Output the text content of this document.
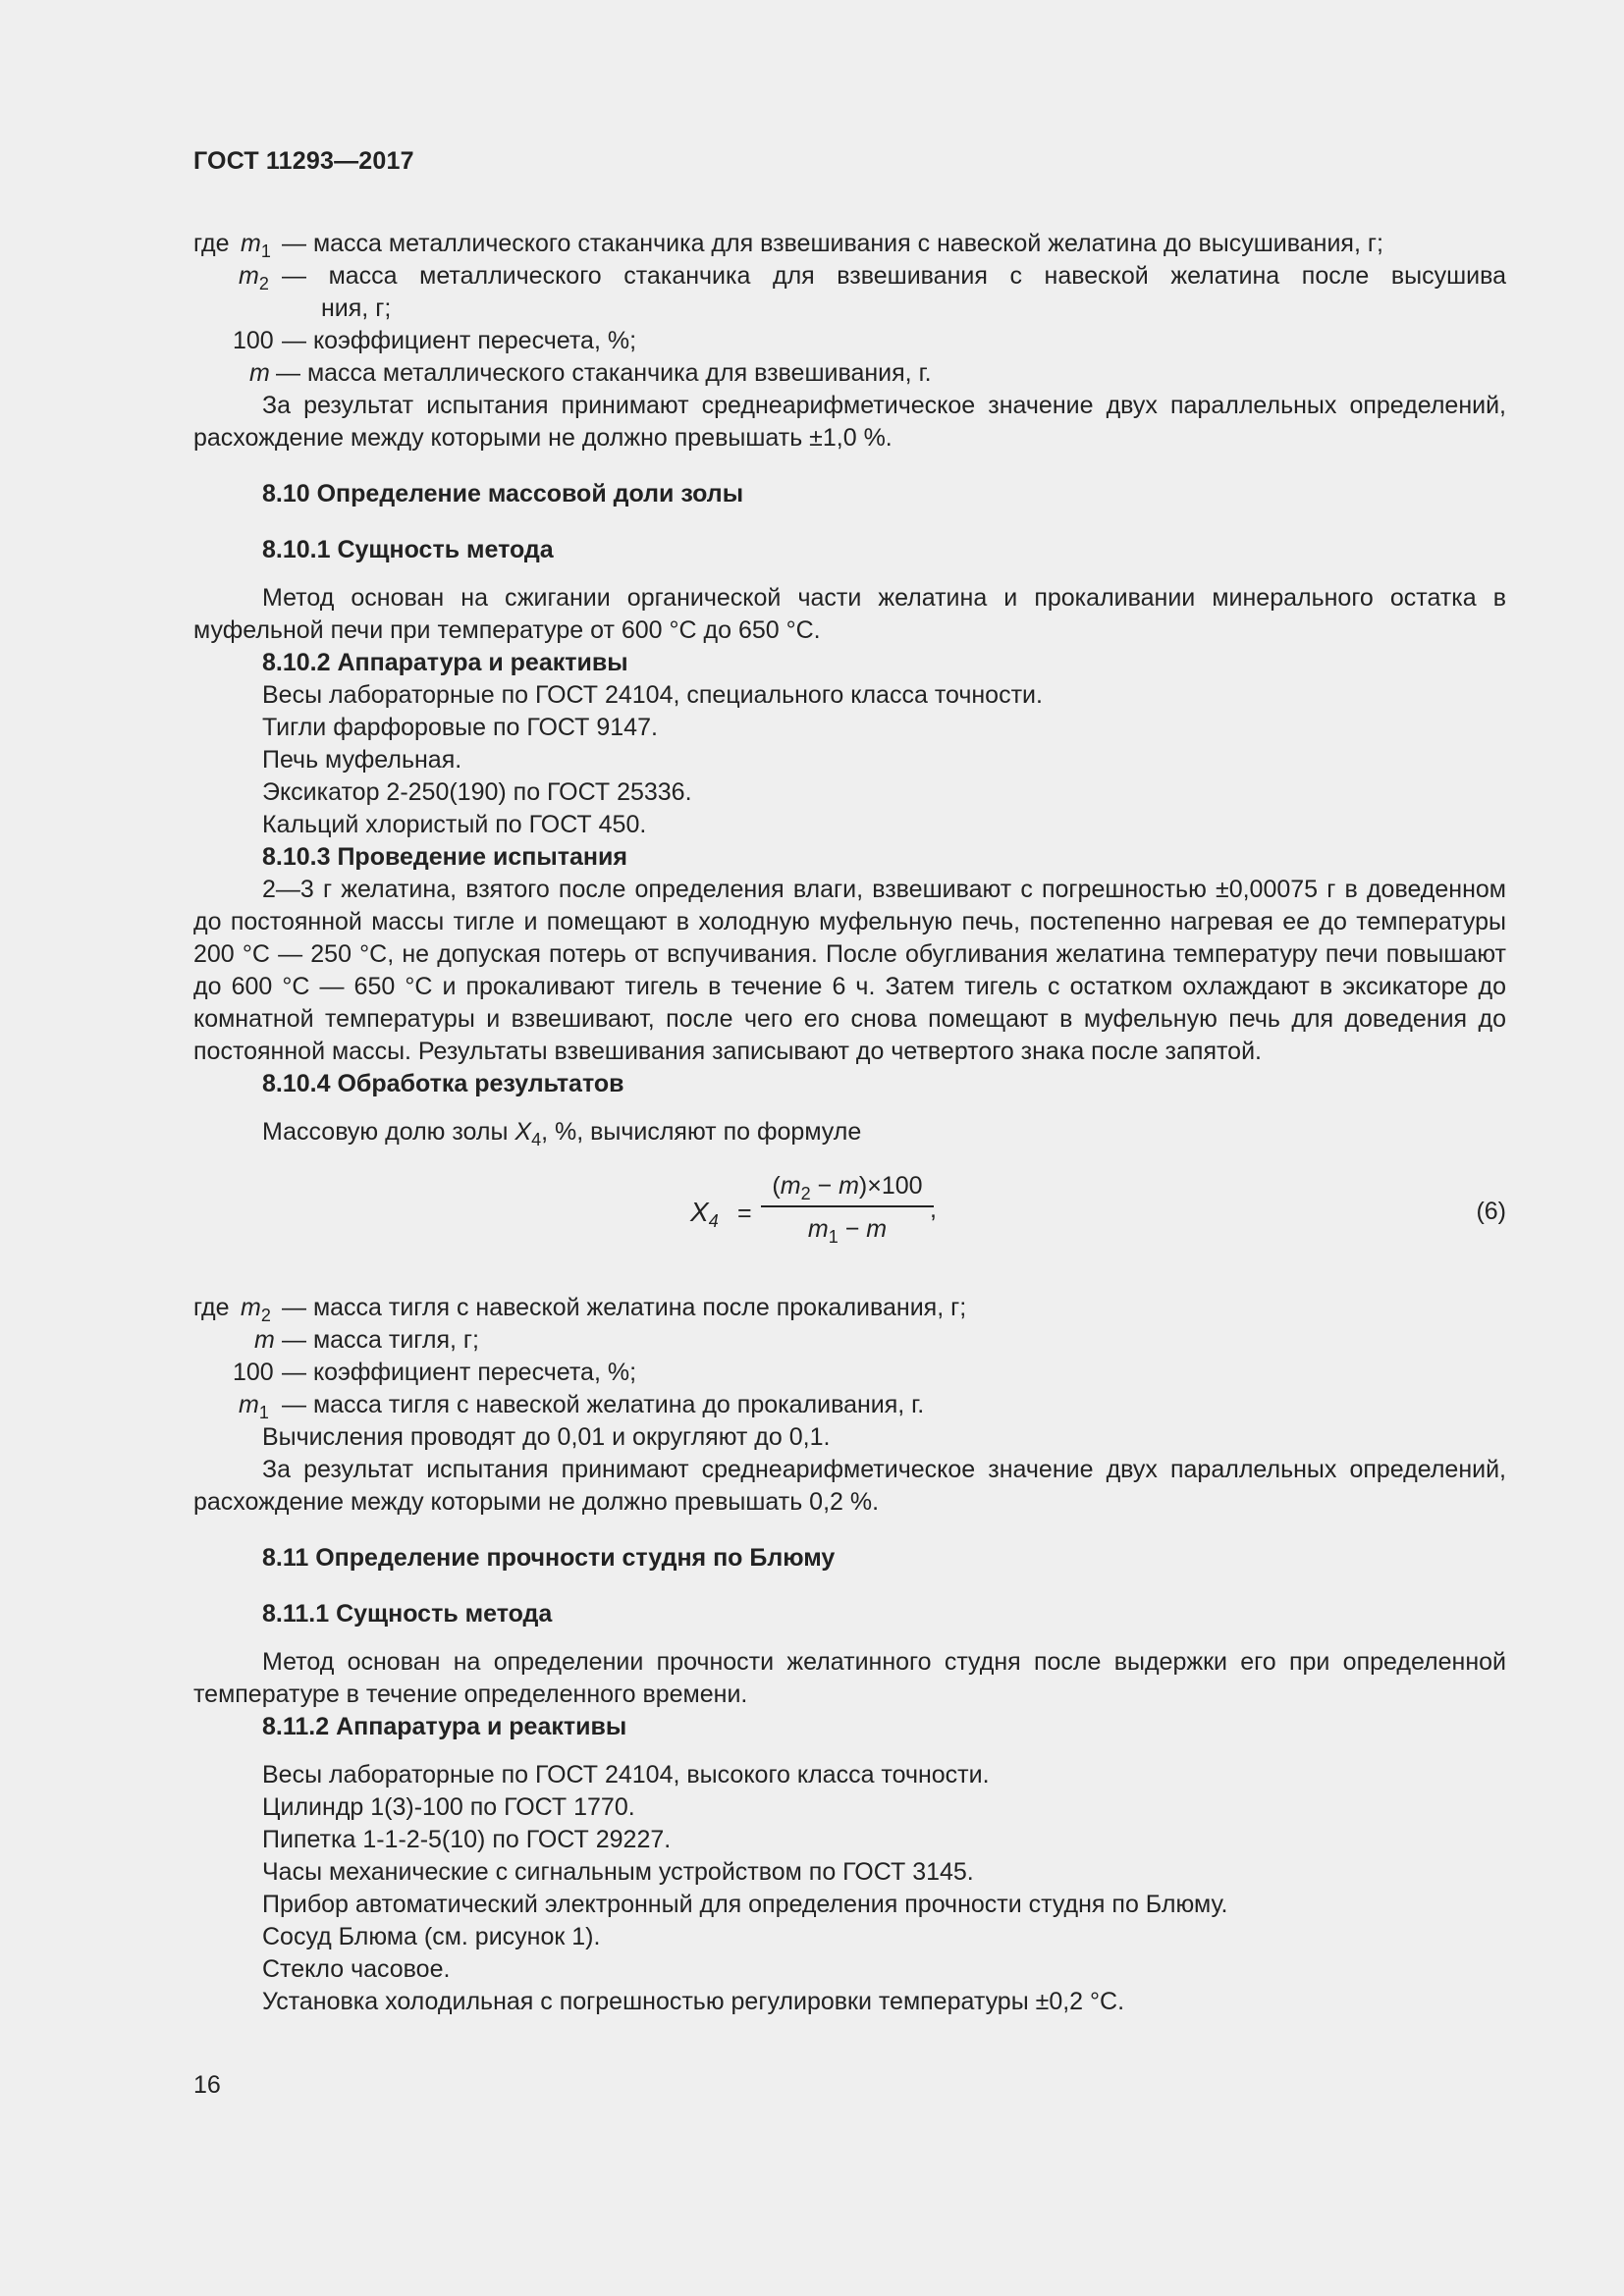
ГОСТ 11293—2017
где $m_1$ — масса металлического стаканчика для взвешивания с навеской желатина до высушивания, г;
$m_2$ — масса металлического стаканчика для взвешивания с навеской желатина после высушива
ния, г;
100 — коэффициент пересчета, %;
m — масса металлического стаканчика для взвешивания, г.
За результат испытания принимают среднеарифметическое значение двух параллельных определений, расхождение между которыми не должно превышать ±1,0 %.
8.10 Определение массовой доли золы
8.10.1 Сущность метода
Метод основан на сжигании органической части желатина и прокаливании минерального остатка в муфельной печи при температуре от 600 °С до 650 °С.
8.10.2 Аппаратура и реактивы
Весы лабораторные по ГОСТ 24104, специального класса точности.
Тигли фарфоровые по ГОСТ 9147.
Печь муфельная.
Эксикатор 2-250(190) по ГОСТ 25336.
Кальций хлористый по ГОСТ 450.
8.10.3 Проведение испытания
2—3 г желатина, взятого после определения влаги, взвешивают с погрешностью ±0,00075 г в доведенном до постоянной массы тигле и помещают в холодную муфельную печь, постепенно нагревая ее до температуры 200 °С — 250 °С, не допуская потерь от вспучивания. После обугливания желатина температуру печи повышают до 600 °С — 650 °С и прокаливают тигель в течение 6 ч. Затем тигель с остатком охлаждают в эксикаторе до комнатной температуры и взвешивают, после чего его снова помещают в муфельную печь для доведения до постоянной массы. Результаты взвешивания записывают до четвертого знака после запятой.
8.10.4 Обработка результатов
Массовую долю золы $X_4$, %, вычисляют по формуле
$X_4$ =
$(m_2 - m)\times 100$
$m_1 - m$
,	(6)
где $m_2$ — масса тигля с навеской желатина после прокаливания, г;
m — масса тигля, г;
100 — коэффициент пересчета, %;
$m_1$ — масса тигля с навеской желатина до прокаливания, г.
Вычисления проводят до 0,01 и округляют до 0,1.
За результат испытания принимают среднеарифметическое значение двух параллельных определений, расхождение между которыми не должно превышать 0,2 %.
8.11 Определение прочности студня по Блюму
8.11.1 Сущность метода
Метод основан на определении прочности желатинного студня после выдержки его при определенной температуре в течение определенного времени.
8.11.2 Аппаратура и реактивы
Весы лабораторные по ГОСТ 24104, высокого класса точности.
Цилиндр 1(3)-100 по ГОСТ 1770.
Пипетка 1-1-2-5(10) по ГОСТ 29227.
Часы механические с сигнальным устройством по ГОСТ 3145.
Прибор автоматический электронный для определения прочности студня по Блюму.
Сосуд Блюма (см. рисунок 1).
Стекло часовое.
Установка холодильная с погрешностью регулировки температуры ±0,2 °С.
16
